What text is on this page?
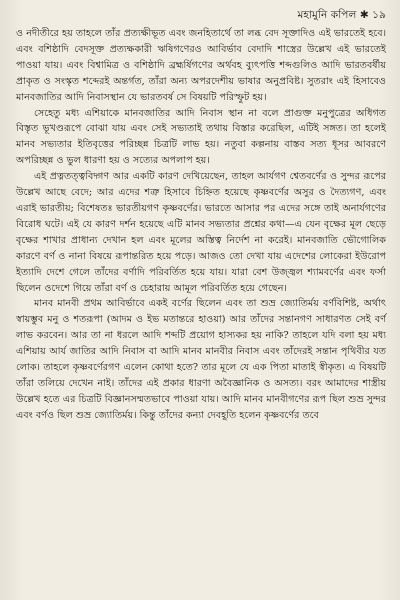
মহামুনি কপিল ✱ ১৯

ও নদীতীরে হয় তাহলে তাঁর প্রত্যক্ষীভূত এবং জনহিতার্থে তা লব্ধ বেদ সূক্তাদিও এই ভারতেই হবে। এবং বশিষ্ঠাদি বেদসূক্ত প্রত্যক্ষকারী ঋষিগণেরও আবির্ভাব বেদাদি শাস্ত্রের উল্লেখ এই ভারতেই পাওয়া যায়। এবং বিশ্বামিত্র ও বশিষ্ঠাদি ব্রহ্মর্ষিগণের অর্থবহ ব্যুৎপত্তি শব্দগুলিও আদি ভারতবর্ষীয় প্রাকৃত ও সংস্কৃত শব্দেরই অন্তর্গত, তাঁরা অন্য অপরদেশীয় ভাষার অনুপ্রবিষ্ট। সুতরাং এই হিসাবেও মানবজাতির আদি নিবাসস্থান যে ভারতবর্ষ সে বিষয়টি পরিস্ফুট হয়।

সেহেতু মধ্য এশিয়াকে মানবজাতির আদি নিবাস স্থান না বলে প্রাগুক্ত মনুপুত্রের অধিগত বিস্তৃত ভূখণ্ডরূপে বোঝা যায় এবং সেই সভ্যতাই তথায় বিস্তার করেছিল, এটিই সঙ্গত। তা হলেই মানব সভ্যতার ইতিবৃত্তের পরিচ্ছন্ন চিত্রটি লাভ হয়। নতুবা কল্পনায় বাস্তব সত্য ধূসর আবরণে অপরিচ্ছন্ন ও ভুল ধারণা হয় ও সত্যের অপলাপ হয়।

এই প্রত্নতত্ত্ববিদ্গণ আর একটি কারণ দেখিয়েছেন, তাহল আর্যগণ শ্বেতবর্ণের ও সুন্দর রূপের উল্লেখ আছে বেদে; আর এদের শত্রু হিসাবে চিহ্নিত হয়েছে কৃষ্ণবর্ণের অসুর ও দৈত্যগণ, এবং এরাই ভারতীয়; বিশেষতঃ ভারতীয়গণ কৃষ্ণবর্ণের। ভারতে আসার পর এদের সঙ্গে তাই অনার্যগণের বিরোধ ঘটে। এই যে কারণ দর্শন হয়েছে এটি মানব সভ্যতার প্রশ্নের কথা—এ যেন বৃক্ষের মূল ছেড়ে বৃক্ষের শাখার প্রাধান্য দেখান হল এবং মূলের অস্তিত্ব নির্দেশ না করেই। মানবজাতি ভৌগোলিক কারণে বর্ণ ও নানা বিষয়ে রূপান্তরিত হয়ে পড়ে। আজও তো দেখা যায় এদেশের লোকেরা ইউরোপ ইত্যাদি দেশে গেলে তাঁদের বর্ণাদি পরিবর্তিত হয়ে যায়। যারা বেশ উজ্জ্বল শ্যামবর্ণের এবং ফর্সা ছিলেন ওদেশে গিয়ে তাঁরা বর্ণ ও চেহারায় আমূল পরিবর্তিত হয়ে গেছেন।

মানব মানবী প্রথম আবির্ভাবে একই বর্ণের ছিলেন এবং তা শুভ্র জ্যোতির্ময় বর্ণবিশিষ্ট, অর্থাৎ স্বায়ম্ভুব মনু ও শতরূপা (আদম ও ইভ মতান্তরে হাওয়া) আর তাঁদের সন্তানগণ সাধারণত সেই বর্ণ লাভ করবেন। আর তা না ধরলে আদি শব্দটি প্রয়োগ হাস্যকর হয় নাকি? তাহলে যদি বলা হয় মধ্য এশিয়ায় আর্য জাতির আদি নিবাস বা আদি মানব মানবীর নিবাস এবং তাঁদেরই সন্তান পৃথিবীর যত লোক। তাহলে কৃষ্ণবর্ণেরগণ এলেন কোথা হতে? তার মূলে যে এক পিতা মাতাই স্বীকৃত। এ বিষয়টি তাঁরা তলিয়ে দেখেন নাই। তাঁদের এই প্রকার ধারণা অবৈজ্ঞানিক ও অসত্য। বরং আমাদের শাস্ত্রীয় উল্লেখ হতে এর চিত্রটি বিজ্ঞানসম্মতভাবে পাওয়া যায়। আদি মানব মানবীগণের রূপ ছিল শুভ্র সুন্দর এবং বর্ণও ছিল শুভ্র জ্যোতির্ময়। কিন্তু তাঁদের কন্যা দেবহূতি হলেন কৃষ্ণবর্ণের তবে
